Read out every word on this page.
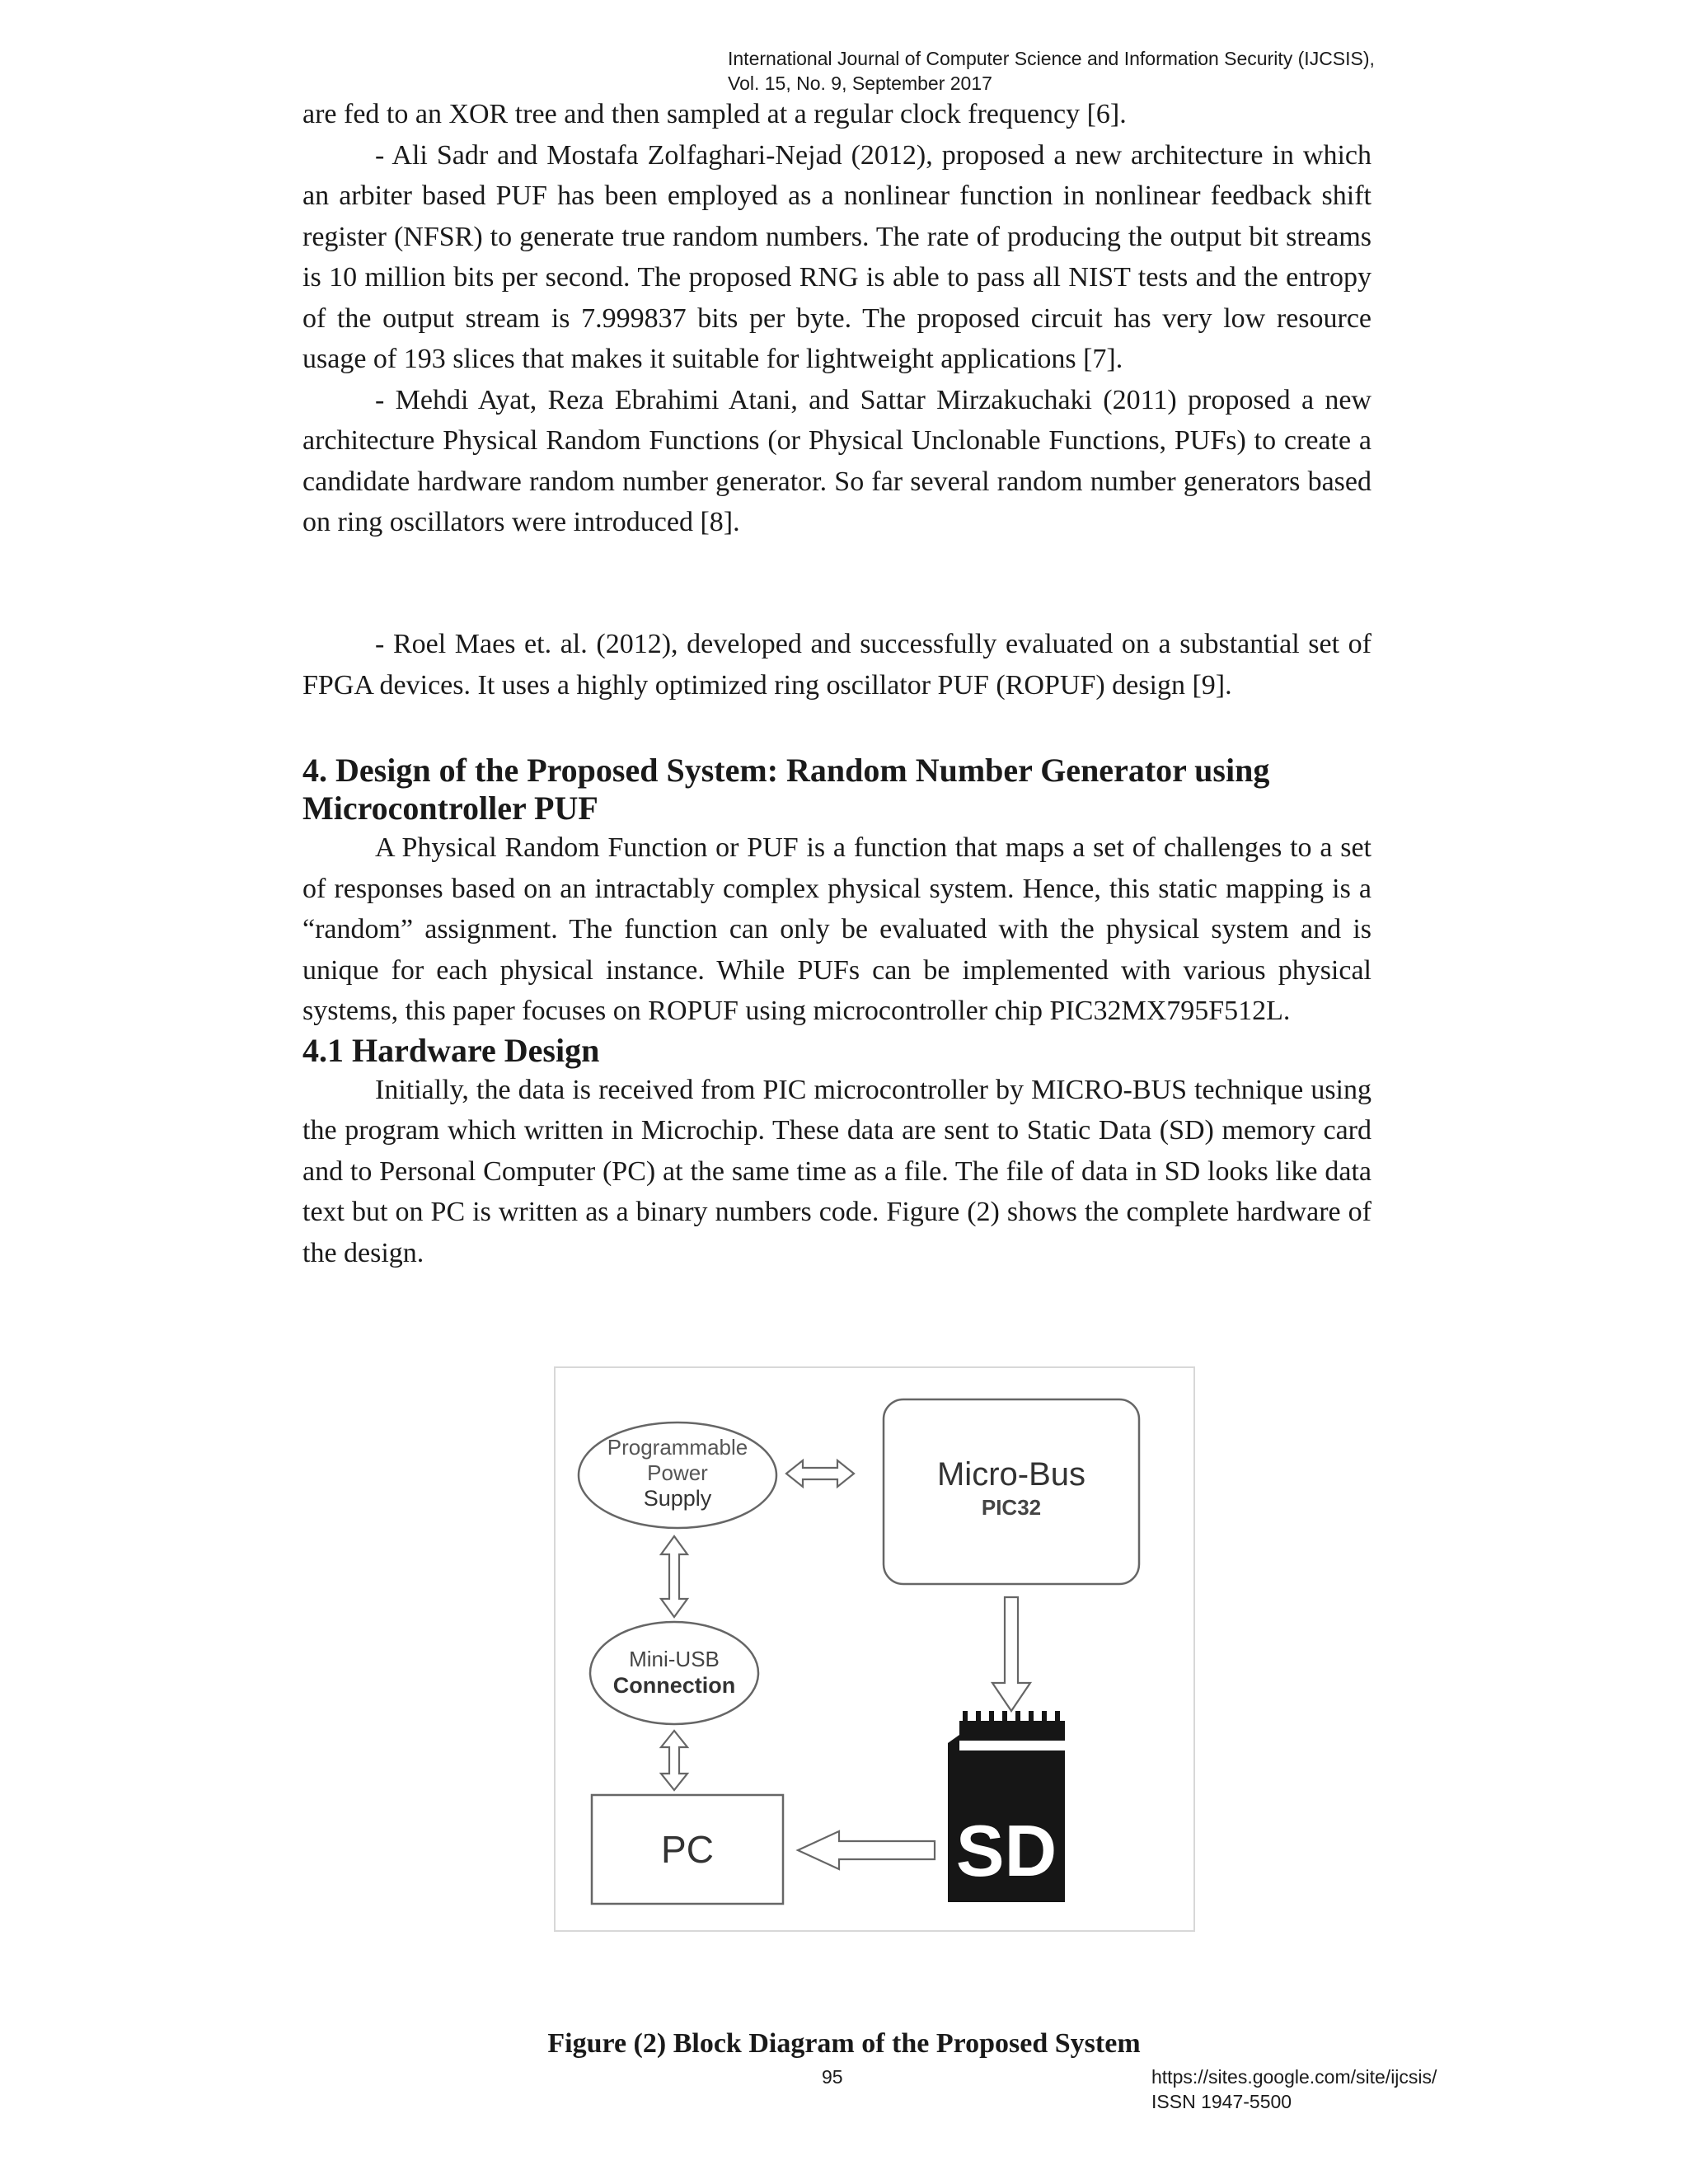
International Journal of Computer Science and Information Security (IJCSIS),
Vol. 15, No. 9, September 2017

are fed to an XOR tree and then sampled at a regular clock frequency [6].

- Ali Sadr and Mostafa Zolfaghari-Nejad (2012), proposed a new architecture in which an arbiter based PUF has been employed as a nonlinear function in nonlinear feedback shift register (NFSR) to generate true random numbers. The rate of producing the output bit streams is 10 million bits per second. The proposed RNG is able to pass all NIST tests and the entropy of the output stream is 7.999837 bits per byte. The proposed circuit has very low resource usage of 193 slices that makes it suitable for lightweight applications [7].

- Mehdi Ayat, Reza Ebrahimi Atani, and Sattar Mirzakuchaki (2011) proposed a new architecture Physical Random Functions (or Physical Unclonable Functions, PUFs) to create a candidate hardware random number generator. So far several random number generators based on ring oscillators were introduced [8].

- Roel Maes et. al. (2012), developed and successfully evaluated on a substantial set of FPGA devices. It uses a highly optimized ring oscillator PUF (ROPUF) design [9].

4. Design of the Proposed System: Random Number Generator using Microcontroller PUF

A Physical Random Function or PUF is a function that maps a set of challenges to a set of responses based on an intractably complex physical system. Hence, this static mapping is a “random” assignment. The function can only be evaluated with the physical system and is unique for each physical instance. While PUFs can be implemented with various physical systems, this paper focuses on ROPUF using microcontroller chip PIC32MX795F512L.

4.1 Hardware Design

Initially, the data is received from PIC microcontroller by MICRO-BUS technique using the program which written in Microchip. These data are sent to Static Data (SD) memory card and to Personal Computer (PC) at the same time as a file. The file of data in SD looks like data text but on PC is written as a binary numbers code. Figure (2) shows the complete hardware of the design.

Programmable
Power
Supply
Micro-Bus
PIC32
Mini-USB
Connection
PC	SD
Figure (2) Block Diagram of the Proposed System
95	https://sites.google.com/site/ijcsis/
ISSN 1947-5500
